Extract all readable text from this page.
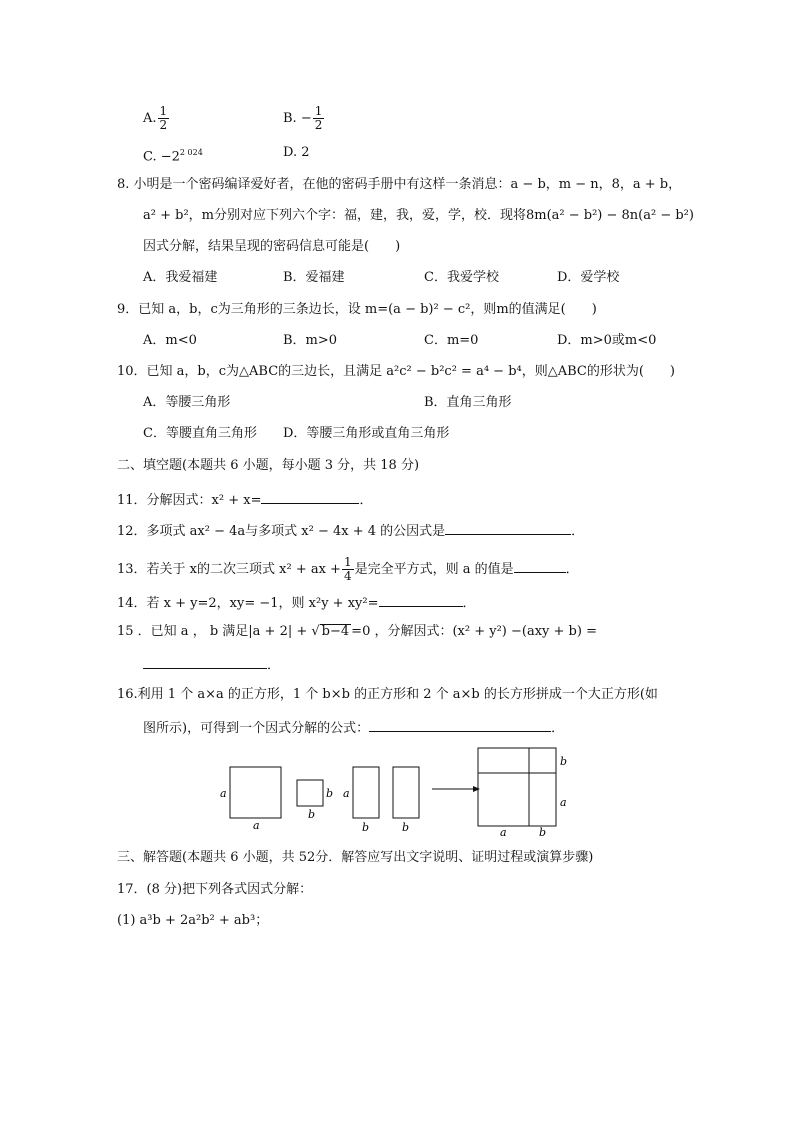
A. $\frac{1}{2}$	B. − $\frac{1}{2}$
C. $-2^{2 024}$	D. 2
8. 小明是一个密码编译爱好者，在他的密码手册中有这样一条消息：a − b，m − n，8，a + b，
a² + b²，m分别对应下列六个字：福，建，我，爱，学，校．现将8m(a² − b²) − 8n(a² − b²)
因式分解，结果呈现的密码信息可能是(　　)
A．我爱福建	B．爱福建	C．我爱学校	D．爱学校
9．已知 a，b，c为三角形的三条边长，设 m=(a − b)² − c²，则m的值满足(　　)
A．m<0	B．m>0	C．m=0	D．m>0或m<0
10．已知 a，b，c为△ABC的三边长，且满足 a²c² − b²c² = a⁴ − b⁴，则△ABC的形状为(　　)
A．等腰三角形	B．直角三角形
C．等腰直角三角形 D．等腰三角形或直角三角形
二、填空题(本题共 6 小题，每小题 3 分，共 18 分)
11．分解因式：x² + x=	．
12．多项式 ax² − 4a与多项式 x² − 4x + 4 的公因式是	．
13．若关于 x的二次三项式 x² + ax + $\frac{1}{4}$ 是完全平方式，则 a 的值是	．
14．若 x + y=2，xy= −1，则 x²y + xy²=	．
15 ．已知 a ， b 满足|a + 2| + √ b−4 =0 ，分解因式：(x² + y²) −(axy + b) =
．
16.利用 1 个 a×a 的正方形，1 个 b×b 的正方形和 2 个 a×b 的长方形拼成一个大正方形(如
图所示)，可得到一个因式分解的公式：	．
a
a
b
b
a
b	b
b
a
a	b
三、解答题(本题共 6 小题，共 52分．解答应写出文字说明、证明过程或演算步骤)
17．(8 分)把下列各式因式分解：
(1) a³b + 2a²b² + ab³；
